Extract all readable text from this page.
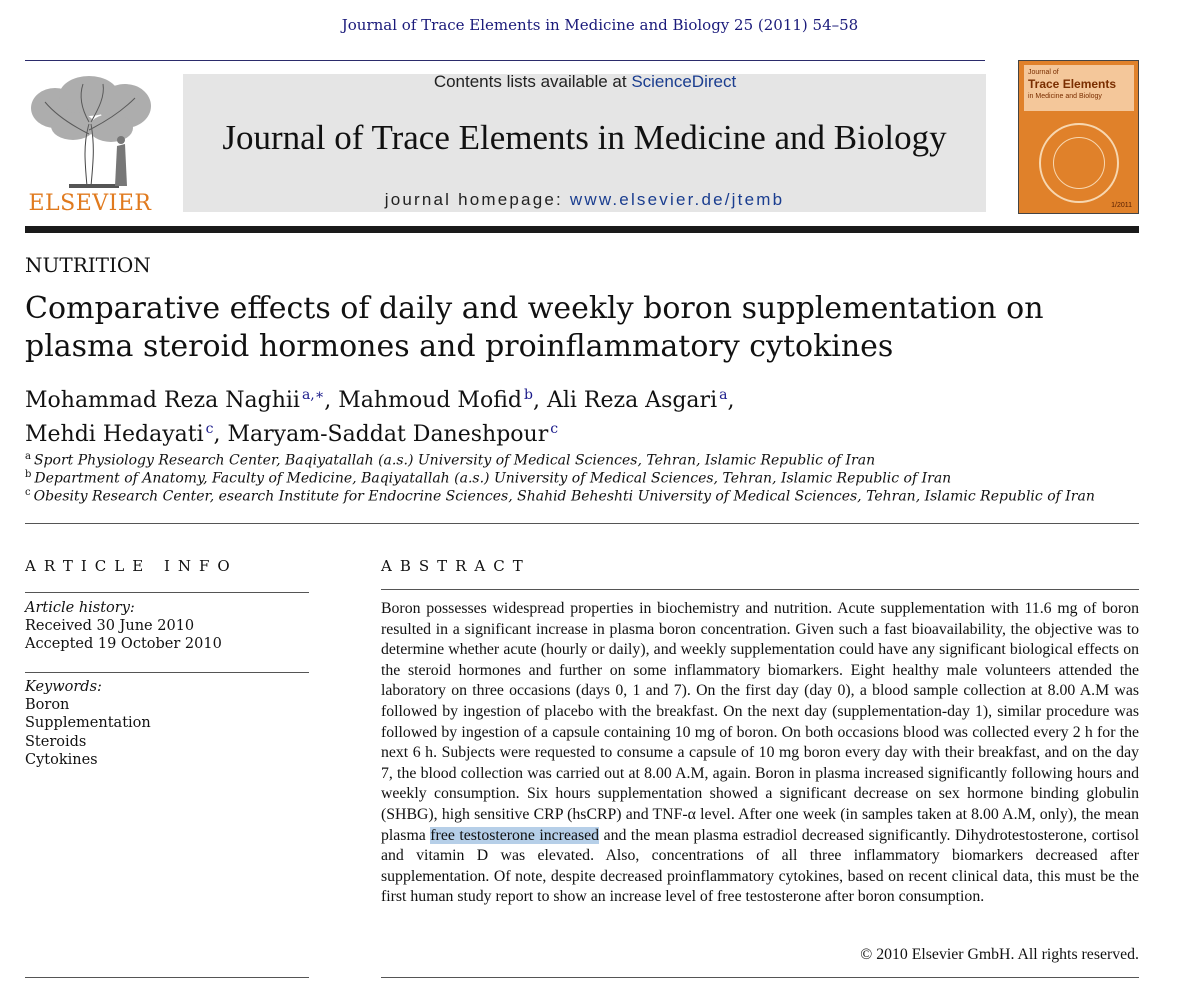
Journal of Trace Elements in Medicine and Biology 25 (2011) 54–58
ELSEVIER
Contents lists available at ScienceDirect
Journal of Trace Elements in Medicine and Biology
journal homepage: www.elsevier.de/jtemb
Journal of
Trace Elements
in Medicine and Biology
1/2011
NUTRITION
Comparative effects of daily and weekly boron supplementation on plasma steroid hormones and proinflammatory cytokines
Mohammad Reza Naghii $^{a,∗}$, Mahmoud Mofid $^b$, Ali Reza Asgari $^a$,
Mehdi Hedayati $^c$, Maryam-Saddat Daneshpour $^c$
$^a$ Sport Physiology Research Center, Baqiyatallah (a.s.) University of Medical Sciences, Tehran, Islamic Republic of Iran
$^b$ Department of Anatomy, Faculty of Medicine, Baqiyatallah (a.s.) University of Medical Sciences, Tehran, Islamic Republic of Iran
$^c$ Obesity Research Center, esearch Institute for Endocrine Sciences, Shahid Beheshti University of Medical Sciences, Tehran, Islamic Republic of Iran
ARTICLE INFO	ABSTRACT
Article history:
Received 30 June 2010
Accepted 19 October 2010
Keywords:
Boron
Supplementation
Steroids
Cytokines
Boron possesses widespread properties in biochemistry and nutrition. Acute supplementation with 11.6 mg of boron resulted in a significant increase in plasma boron concentration. Given such a fast bioavailability, the objective was to determine whether acute (hourly or daily), and weekly supplementation could have any significant biological effects on the steroid hormones and further on some inflammatory biomarkers. Eight healthy male volunteers attended the laboratory on three occasions (days 0, 1 and 7). On the first day (day 0), a blood sample collection at 8.00 A.M was followed by ingestion of placebo with the breakfast. On the next day (supplementation-day 1), similar procedure was followed by ingestion of a capsule containing 10 mg of boron. On both occasions blood was collected every 2 h for the next 6 h. Subjects were requested to consume a capsule of 10 mg boron every day with their breakfast, and on the day 7, the blood collection was carried out at 8.00 A.M, again. Boron in plasma increased significantly following hours and weekly consumption. Six hours supplementation showed a significant decrease on sex hormone binding globulin (SHBG), high sensitive CRP (hsCRP) and TNF-α level. After one week (in samples taken at 8.00 A.M, only), the mean plasma free testosterone increased and the mean plasma estradiol decreased significantly. Dihydrotestosterone, cortisol and vitamin D was elevated. Also, concentrations of all three inflammatory biomarkers decreased after supplementation. Of note, despite decreased proinflammatory cytokines, based on recent clinical data, this must be the first human study report to show an increase level of free testosterone after boron consumption.
© 2010 Elsevier GmbH. All rights reserved.
